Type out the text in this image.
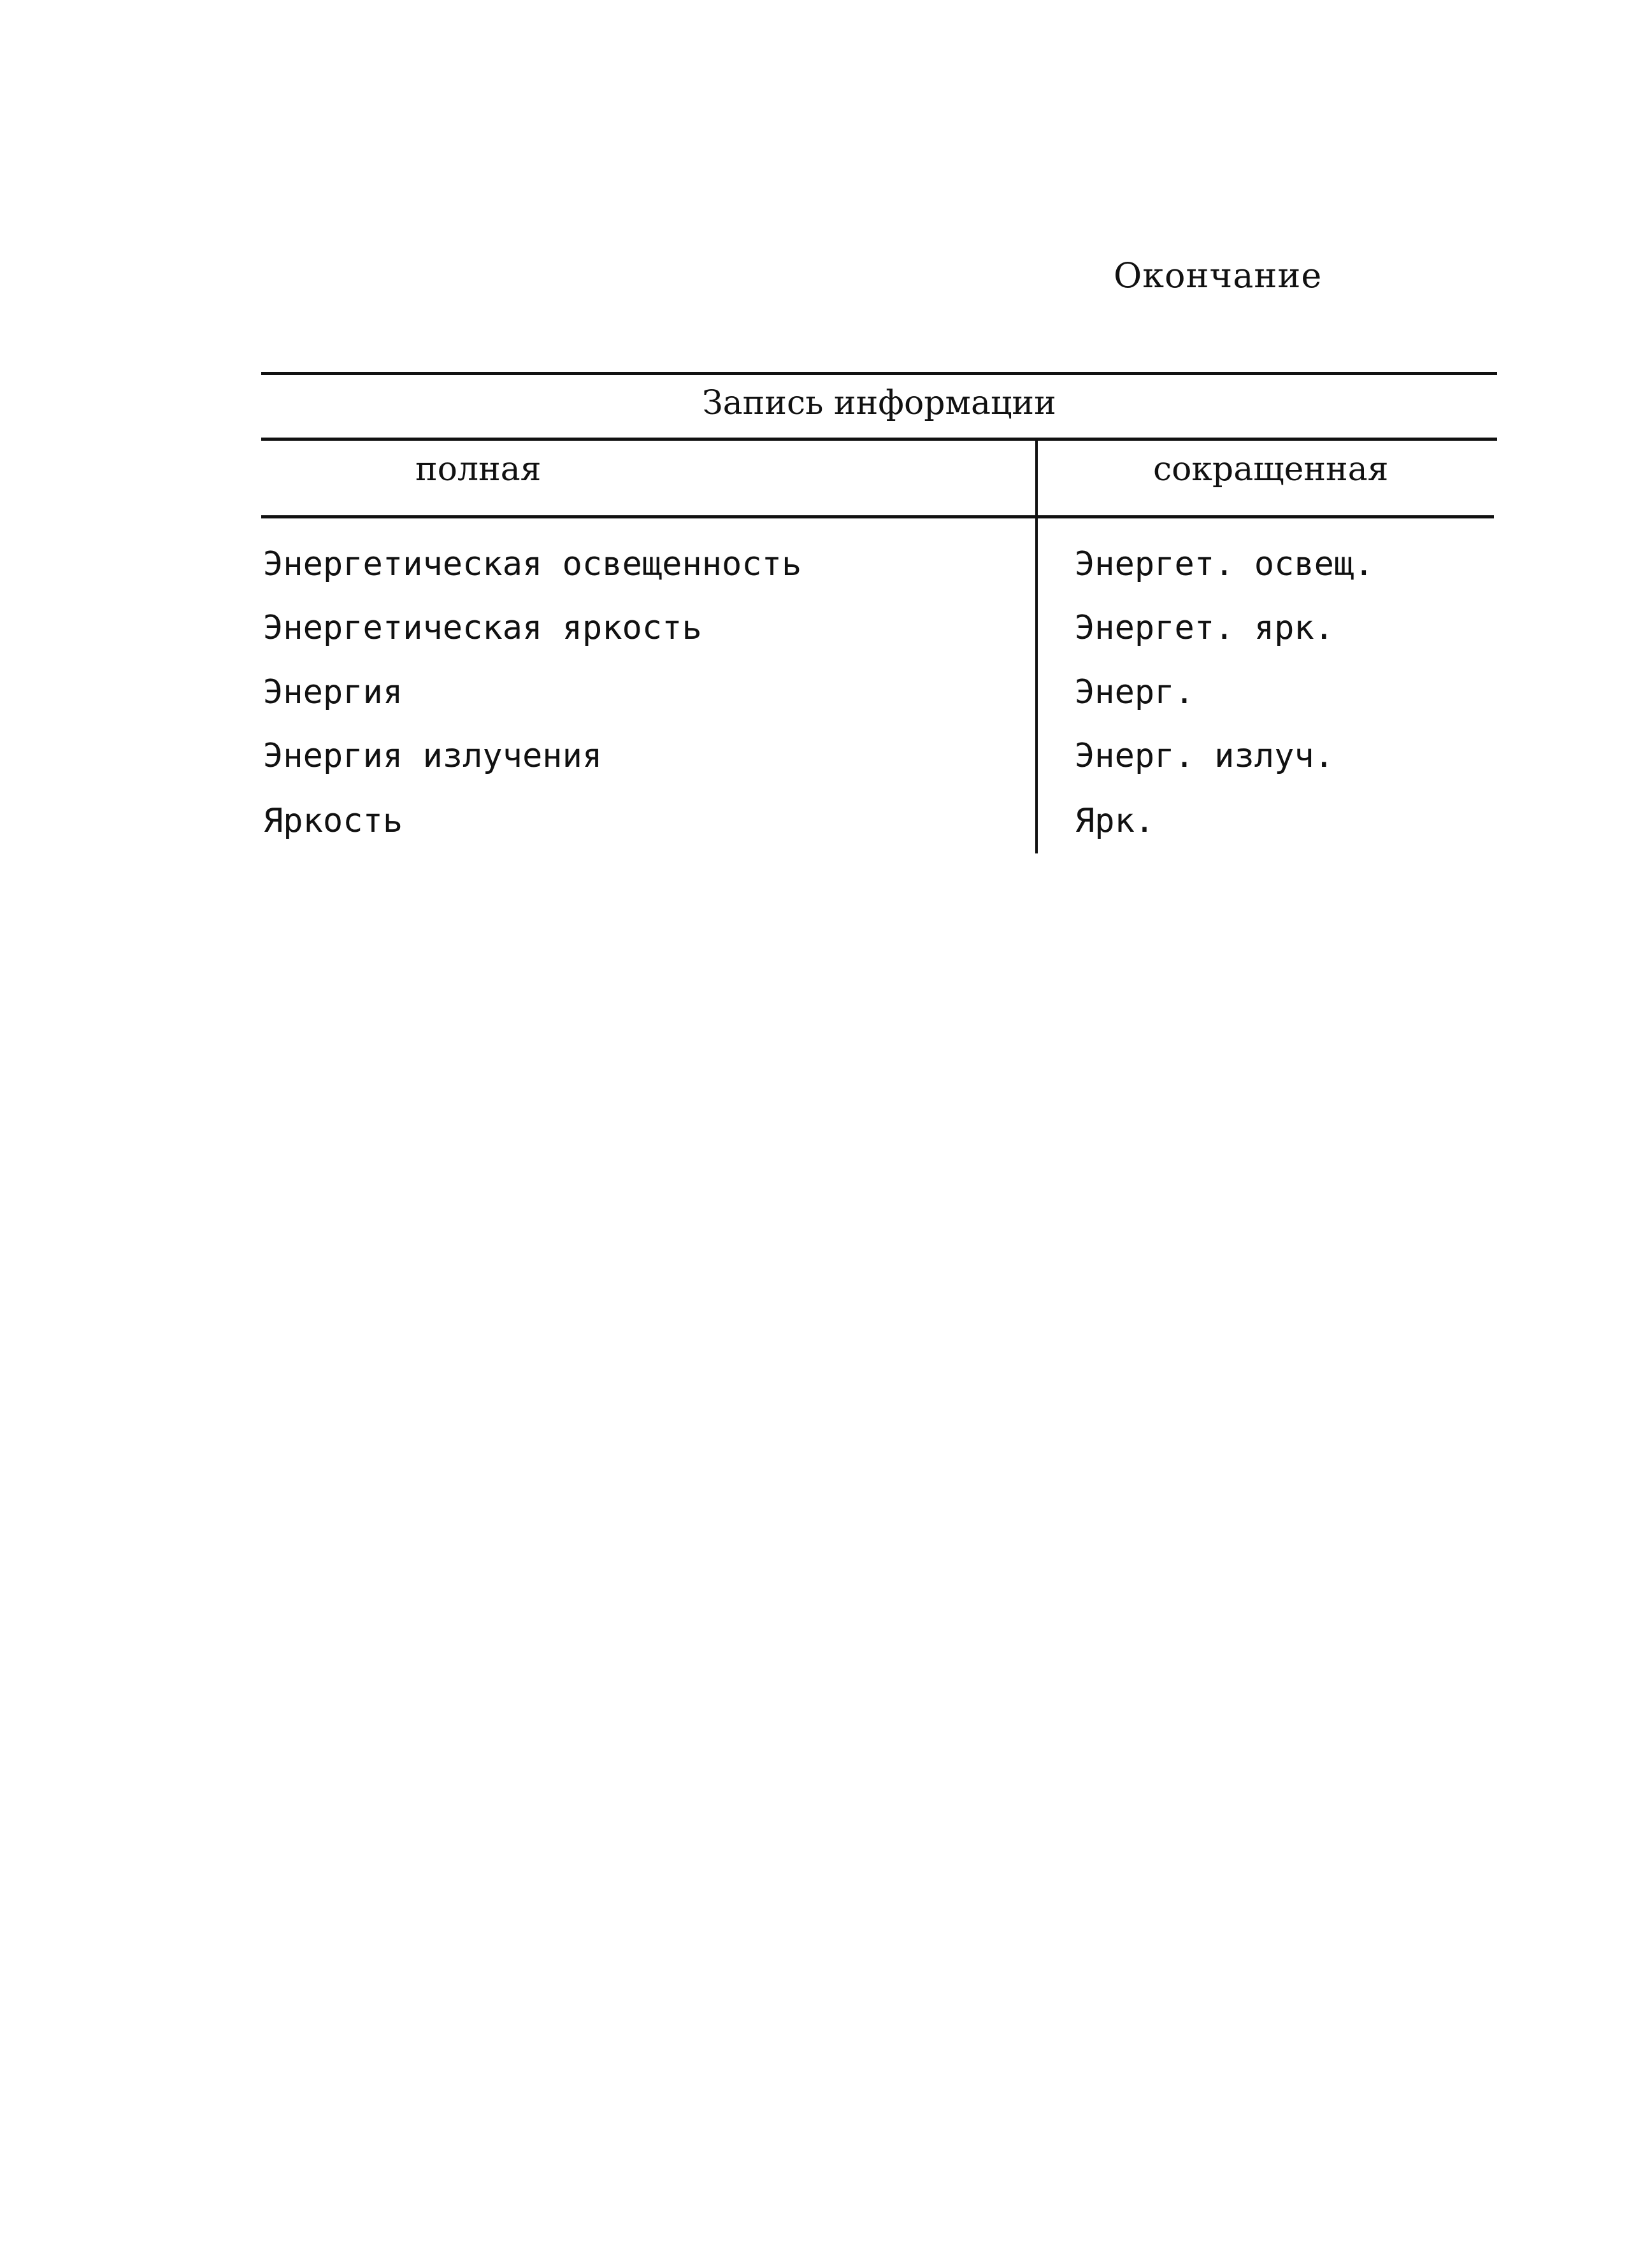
Окончание
Запись информации
полная	сокращенная
Энергетическая освещенность	Энергет. освещ.
Энергетическая яркость	Энергет. ярк.
Энергия	Энерг.
Энергия излучения	Энерг. излуч.
Яркость	Ярк.
